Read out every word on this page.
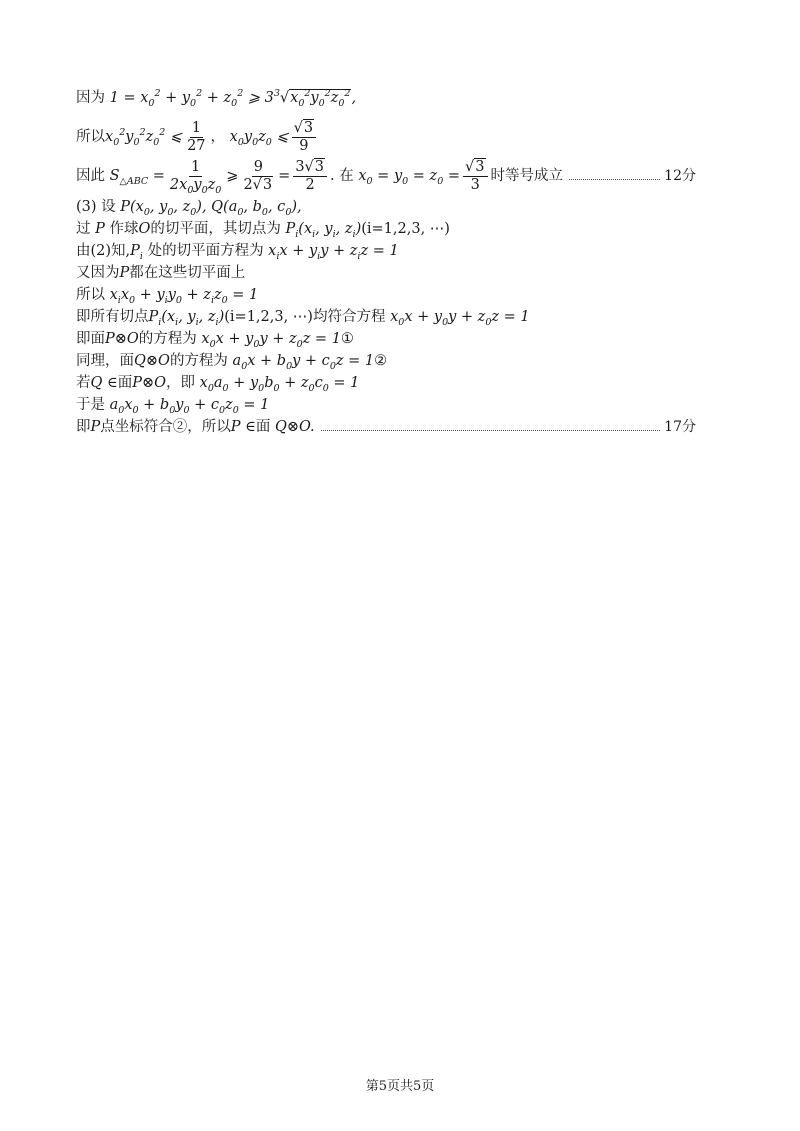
因为 $1 = x_0^2 + y_0^2 + z_0^2$ ⩾ $3^3√x_0^2y_0^2z_0^2$,
所以 $x_0^2y_0^2z_0^2$ ⩽ $\frac{1}{27}$ ， $x_0y_0z_0$ ⩽ $\frac{√3}{9}$
因此 $S_{\triangle ABC} = \frac{1}{2x_0y_0z_0}$ ⩾ $\frac{9}{2√3} = \frac{3√3}{2}$ . 在 $x_0 = y_0 = z_0 = \frac{√3}{3}$ 时等号成立	12分
(3) 设 $P(x_0$, $y_0$, $z_0$), $Q(a_0$, $b_0$, $c_0$),
过 P 作球 O 的切平面，其切点为 $P_i(x_i$, $y_i$, $z_i$) (i=1,2,3, ⋯)
由(2)知, $P_i$ 处的切平面方程为 $x_ix + y_iy + z_iz = 1$
又因为 P 都在这些切平面上
所以 $x_ix_0 + y_iy_0 + z_iz_0 = 1$
即所有切点 $P_i(x_i$, $y_i$, $z_i$) (i=1,2,3, ⋯) 均符合方程 $x_0x + y_0y + z_0z = 1$
即面 P⊗O 的方程为 $x_0x + y_0y + z_0z = 1$ ①
同理，面 Q⊗O 的方程为 $a_0x + b_0y + c_0z = 1$ ②
若 Q ∈ 面 P⊗O ，即 $x_0a_0 + y_0b_0 + z_0c_0 = 1$
于是 $a_0x_0 + b_0y_0 + c_0z_0 = 1$
即 P 点坐标符合②，所以 P ∈ 面 Q⊗O.	17分
第5页共5页
